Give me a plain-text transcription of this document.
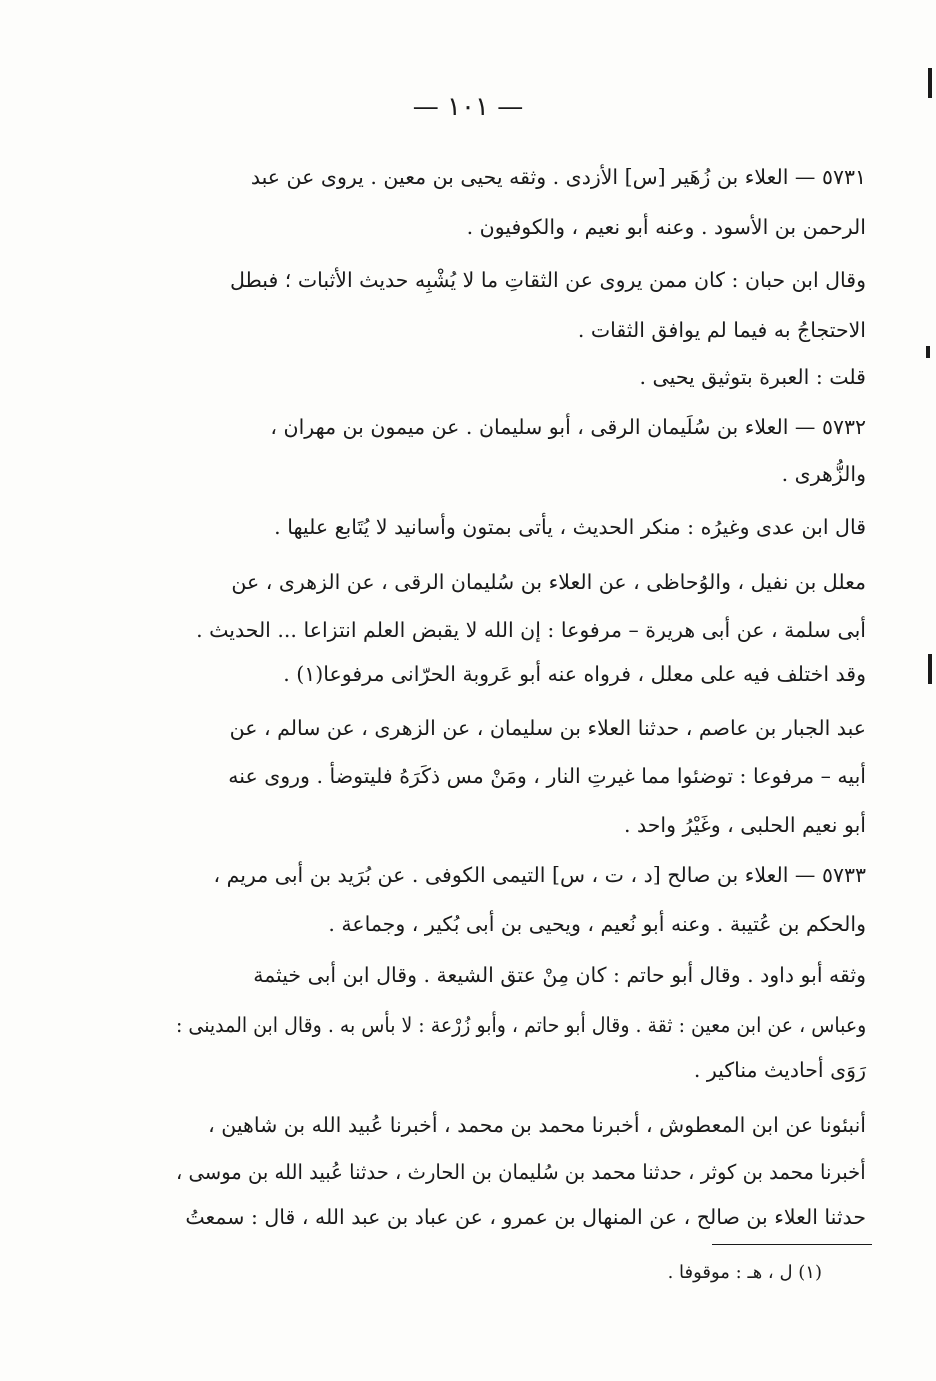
— ١٠١ —
٥٧٣١ — العلاء بن زُهَير [س] الأزدى . وثقه يحيى بن معين . يروى عن عبد
الرحمن بن الأسود . وعنه أبو نعيم ، والكوفيون .
وقال ابن حبان : كان ممن يروى عن الثقاتِ ما لا يُشْبِه حديث الأثبات ؛ فبطل
الاحتجاجُ به فيما لم يوافق الثقات .
قلت : العبرة بتوثيق يحيى .
٥٧٣٢ — العلاء بن سُلَيمان الرقى ، أبو سليمان . عن ميمون بن مهران ،
والزُّهرى .
قال ابن عدى وغيرُه : منكر الحديث ، يأتى بمتون وأسانيد لا يُتَابع عليها .
معلل بن نفيل ، والوُحاظى ، عن العلاء بن سُليمان الرقى ، عن الزهرى ، عن
أبى سلمة ، عن أبى هريرة – مرفوعا : إن الله لا يقبض العلم انتزاعا ... الحديث .
وقد اختلف فيه على معلل ، فرواه عنه أبو عَروبة الحرّانى مرفوعا(١) .
عبد الجبار بن عاصم ، حدثنا العلاء بن سليمان ، عن الزهرى ، عن سالم ، عن
أبيه – مرفوعا : توضئوا مما غيرتِ النار ، ومَنْ مس ذكَرَهُ فليتوضأ . وروى عنه
أبو نعيم الحلبى ، وغَيْرُ واحد .
٥٧٣٣ — العلاء بن صالح [د ، ت ، س] التيمى الكوفى . عن بُرَيد بن أبى مريم ،
والحكم بن عُتيبة . وعنه أبو نُعيم ، ويحيى بن أبى بُكير ، وجماعة .
وثقه أبو داود . وقال أبو حاتم : كان مِنْ عتق الشيعة . وقال ابن أبى خيثمة
وعباس ، عن ابن معين : ثقة . وقال أبو حاتم ، وأبو زُرْعة : لا بأس به . وقال ابن المدينى :
رَوَى أحاديث مناكير .
أنبئونا عن ابن المعطوش ، أخبرنا محمد بن محمد ، أخبرنا عُبيد الله بن شاهين ،
أخبرنا محمد بن كوثر ، حدثنا محمد بن سُليمان بن الحارث ، حدثنا عُبيد الله بن موسى ،
حدثنا العلاء بن صالح ، عن المنهال بن عمرو ، عن عباد بن عبد الله ، قال : سمعتُ
(١) ل ، هـ : موقوفا .
